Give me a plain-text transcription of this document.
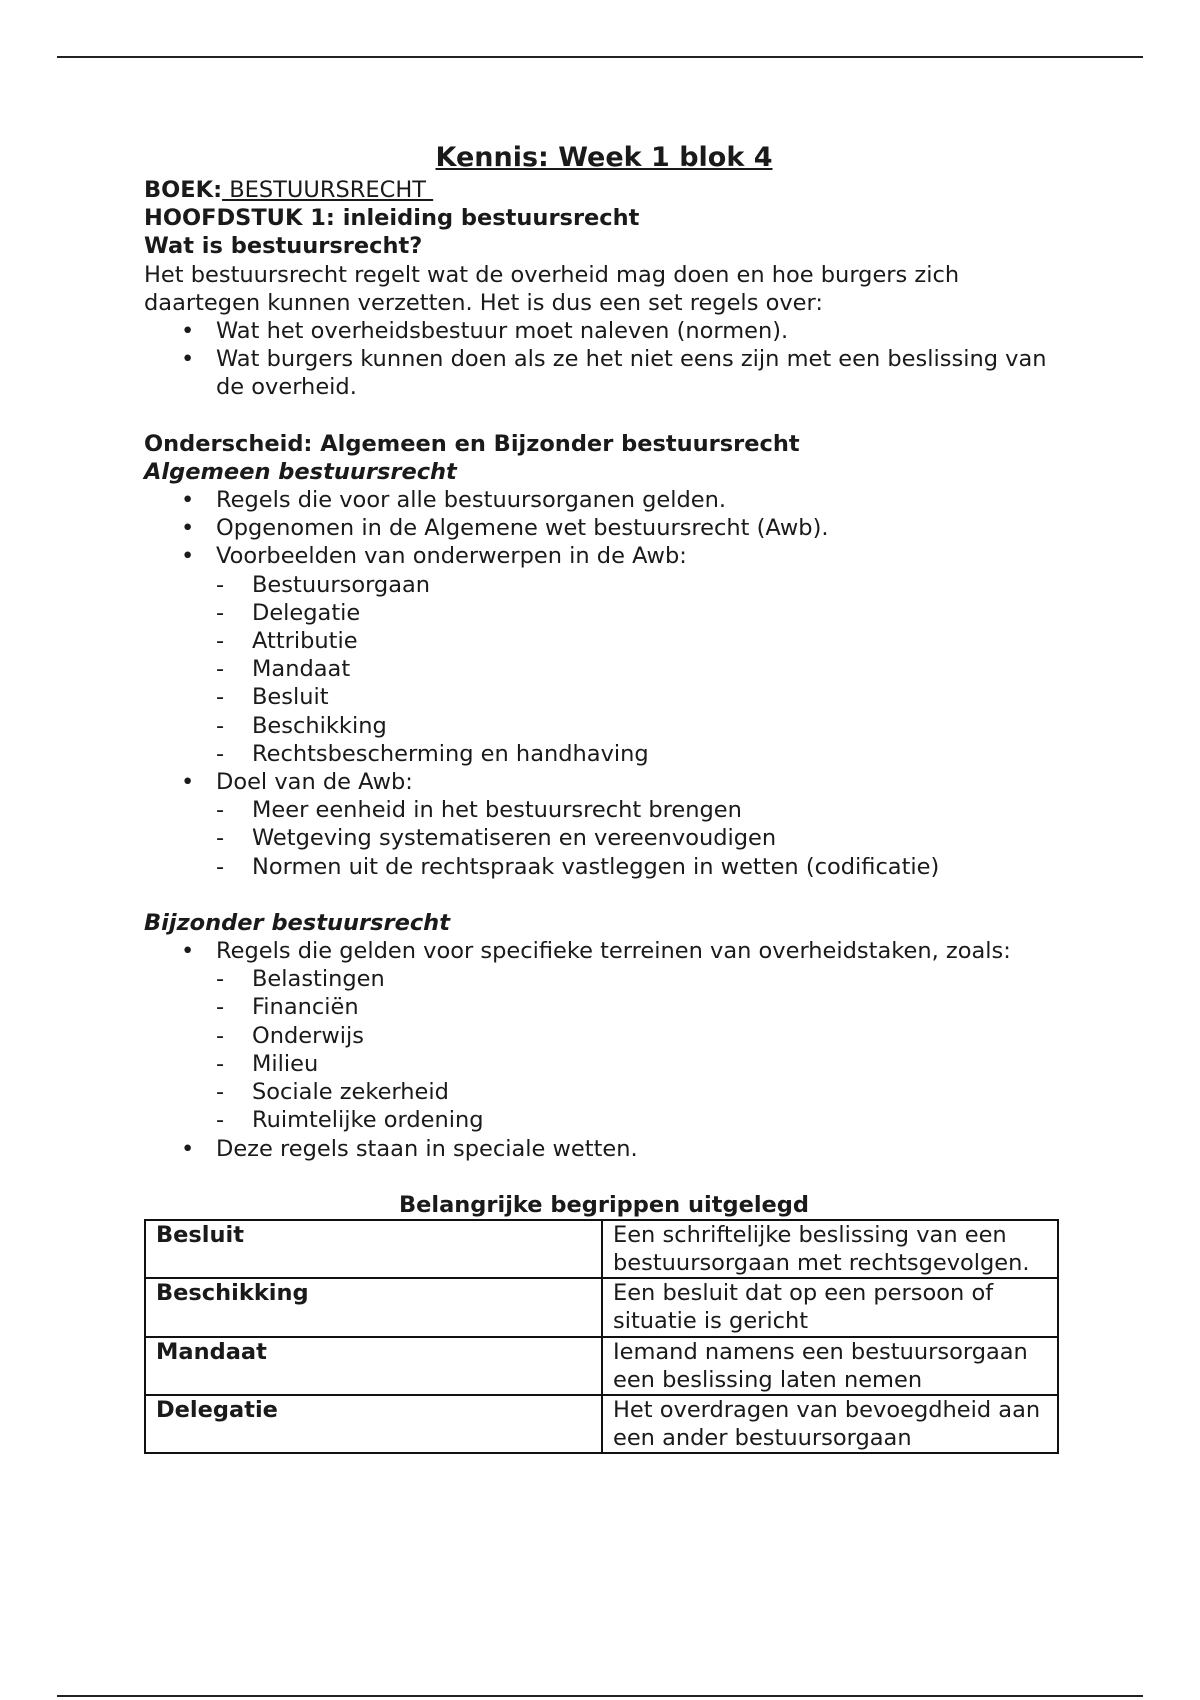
Kennis: Week 1 blok 4

BOEK: BESTUURSRECHT

HOOFDSTUK 1: inleiding bestuursrecht

Wat is bestuursrecht?

Het bestuursrecht regelt wat de overheid mag doen en hoe burgers zich daartegen kunnen verzetten. Het is dus een set regels over:

• Wat het overheidsbestuur moet naleven (normen).
• Wat burgers kunnen doen als ze het niet eens zijn met een beslissing van de overheid.

Onderscheid: Algemeen en Bijzonder bestuursrecht

Algemeen bestuursrecht

• Regels die voor alle bestuursorganen gelden.
• Opgenomen in de Algemene wet bestuursrecht (Awb).
• Voorbeelden van onderwerpen in de Awb:
- Bestuursorgaan
- Delegatie
- Attributie
- Mandaat
- Besluit
- Beschikking
- Rechtsbescherming en handhaving
• Doel van de Awb:
- Meer eenheid in het bestuursrecht brengen
- Wetgeving systematiseren en vereenvoudigen
- Normen uit de rechtspraak vastleggen in wetten (codificatie)

Bijzonder bestuursrecht

• Regels die gelden voor specifieke terreinen van overheidstaken, zoals:
- Belastingen
- Financiën
- Onderwijs
- Milieu
- Sociale zekerheid
- Ruimtelijke ordening
• Deze regels staan in speciale wetten.

Belangrijke begrippen uitgelegd

Besluit	Een schriftelijke beslissing van een bestuursorgaan met rechtsgevolgen.
Beschikking	Een besluit dat op een persoon of situatie is gericht
Mandaat	Iemand namens een bestuursorgaan een beslissing laten nemen
Delegatie	Het overdragen van bevoegdheid aan een ander bestuursorgaan
